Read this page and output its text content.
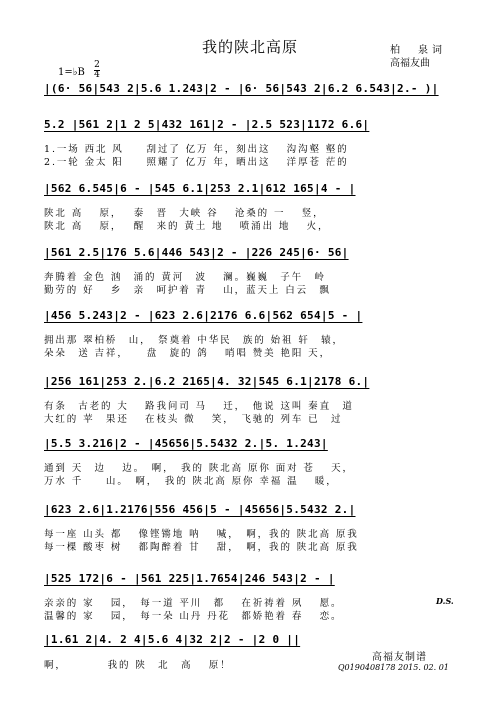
我的陕北高原	柏　泉词
高福友曲
1=♭B
2
4
|(6· 56|543 2|5.6 1.243|2 - |6· 56|543 2|6.2 6.543|2.- )|
5.2 |561 2|1 2 5|432 161|2 - |2.5 523|1172 6.6|
1.一场 西北 风　　刮过了 亿万 年，刻出这　 沟沟壑 壑的
2.一轮 金太 阳　　照耀了 亿万 年，晒出这　 洋厚苍 茫的
|562 6.545|6 - |545 6.1|253 2.1|612 165|4 - |
陕北 高　 原，　 泰　晋　大峡 谷　 沧桑的 一　 竖，
陕北 高　 原，　 醒　来的 黄土 地　 喷涌出 地　 火，
|561 2.5|176 5.6|446 543|2 - |226 245|6· 56|
奔腾着 金色 汹　涌的 黄河　波　 澜。巍巍　子午　岭
勤劳的 好　 乡　亲　呵护着 青　 山，蓝天上 白云　飘
|456 5.243|2 - |623 2.6|2176 6.6|562 654|5 - |
拥出那 翠柏桥　山，　祭奠着 中华民　族的 始祖 轩　辕，
朵朵　送 吉祥，　　盘　旋的 鸽　 哨唱 赞美 艳阳 天，
|256 161|253 2.|6.2 2165|4. 32|545 6.1|2178 6.|
有条　古老的 大　 路我问司 马　 迁，　他说 这叫 秦直　道
大红的 苹　果还　 在枝头 微　 笑，　飞驰的 列车 已　过
|5.5 3.216|2 - |45656|5.5432 2.|5. 1.243|
通到 天　边　 边。　啊，　我的 陕北高 原你 面对 苍　 天，
万水 千　　山。　啊，　我的 陕北高 原你 幸福 温　 暖，
|623 2.6|1.2176|556 456|5 - |45656|5.5432 2.|
每一座 山头 都　 像铿锵地 呐　 喊，　啊，我的 陕北高 原我
每一棵 酸枣 树　 都陶醉着 甘　 甜，　啊，我的 陕北高 原我
|525 172|6 - |561 225|1.7654|246 543|2 - |
亲亲的 家　 园，　每一道 平川　都　 在祈祷着 夙　 愿。
温馨的 家　 园，　每一朵 山丹 丹花　都娇艳着 春　 恋。
D.S.
|1.61 2|4. 2 4|5.6 4|32 2|2 - |2 0 ||
啊，　　　　我的 陕　北　高　 原！
高福友制谱
Q0190408178 2015. 02. 01
